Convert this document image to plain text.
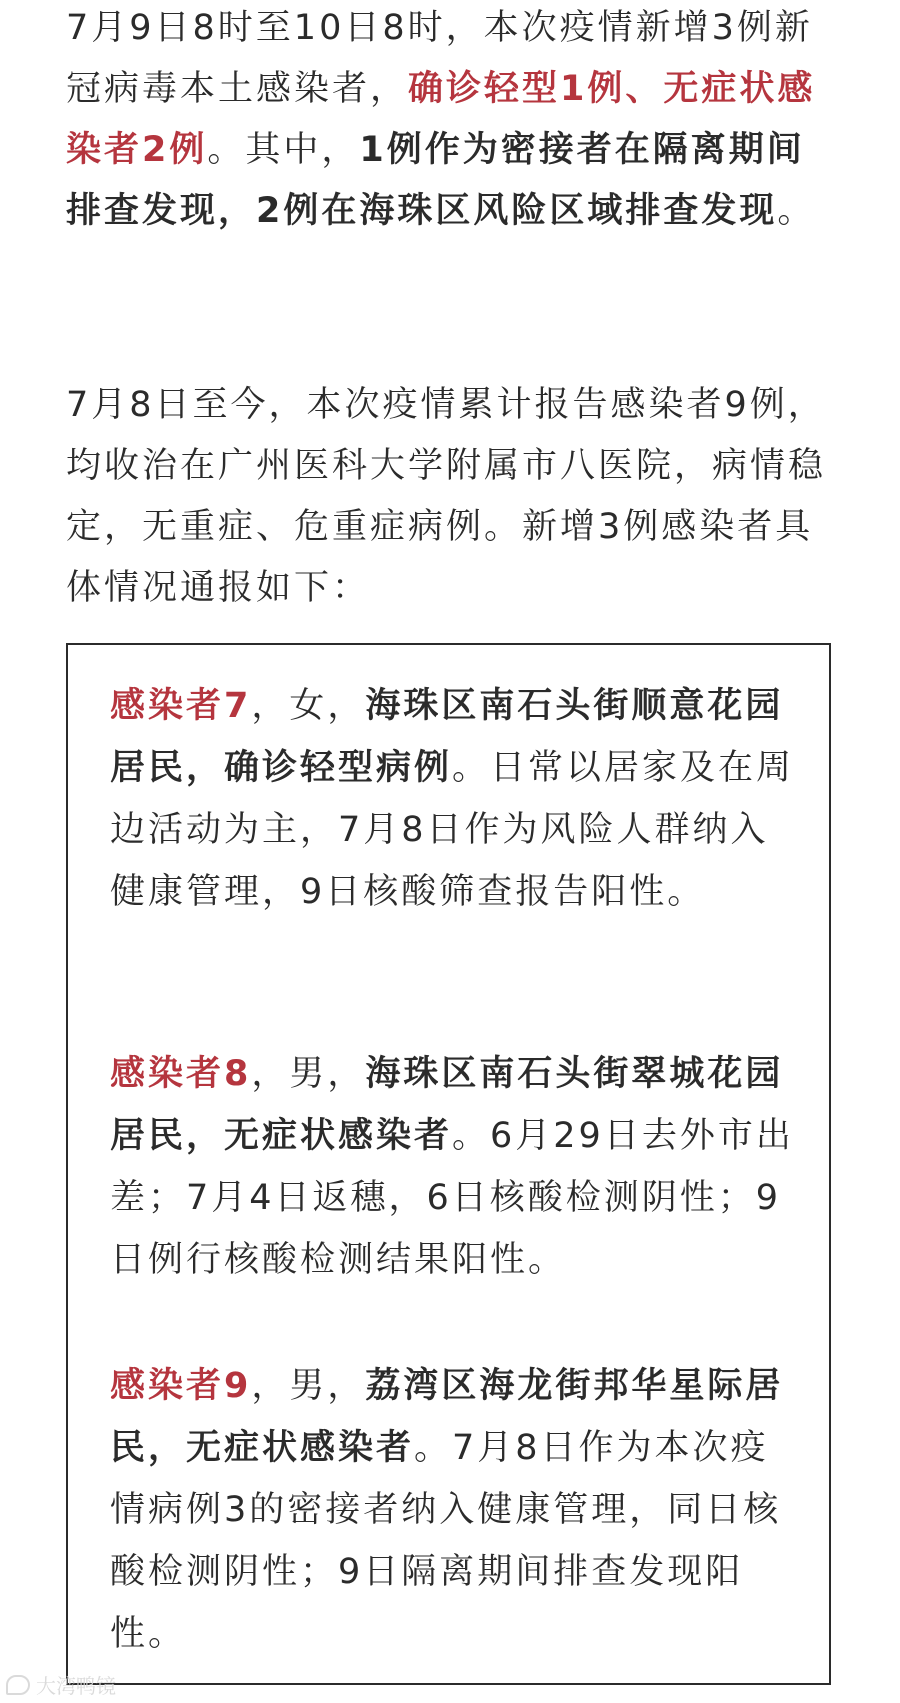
7月9日8时至10日8时，本次疫情新增3例新冠病毒本土感染者，确诊轻型1例、无症状感染者2例。其中，1例作为密接者在隔离期间排查发现，2例在海珠区风险区域排查发现。

7月8日至今，本次疫情累计报告感染者9例，均收治在广州医科大学附属市八医院，病情稳定，无重症、危重症病例。新增3例感染者具体情况通报如下：

感染者7，女，海珠区南石头街顺意花园居民，确诊轻型病例。日常以居家及在周边活动为主，7月8日作为风险人群纳入健康管理，9日核酸筛查报告阳性。

感染者8，男，海珠区南石头街翠城花园居民，无症状感染者。6月29日去外市出差；7月4日返穗，6日核酸检测阴性；9日例行核酸检测结果阳性。

感染者9，男，荔湾区海龙街邦华星际居民，无症状感染者。7月8日作为本次疫情病例3的密接者纳入健康管理，同日核酸检测阴性；9日隔离期间排查发现阳性。

大湾鸭镜
